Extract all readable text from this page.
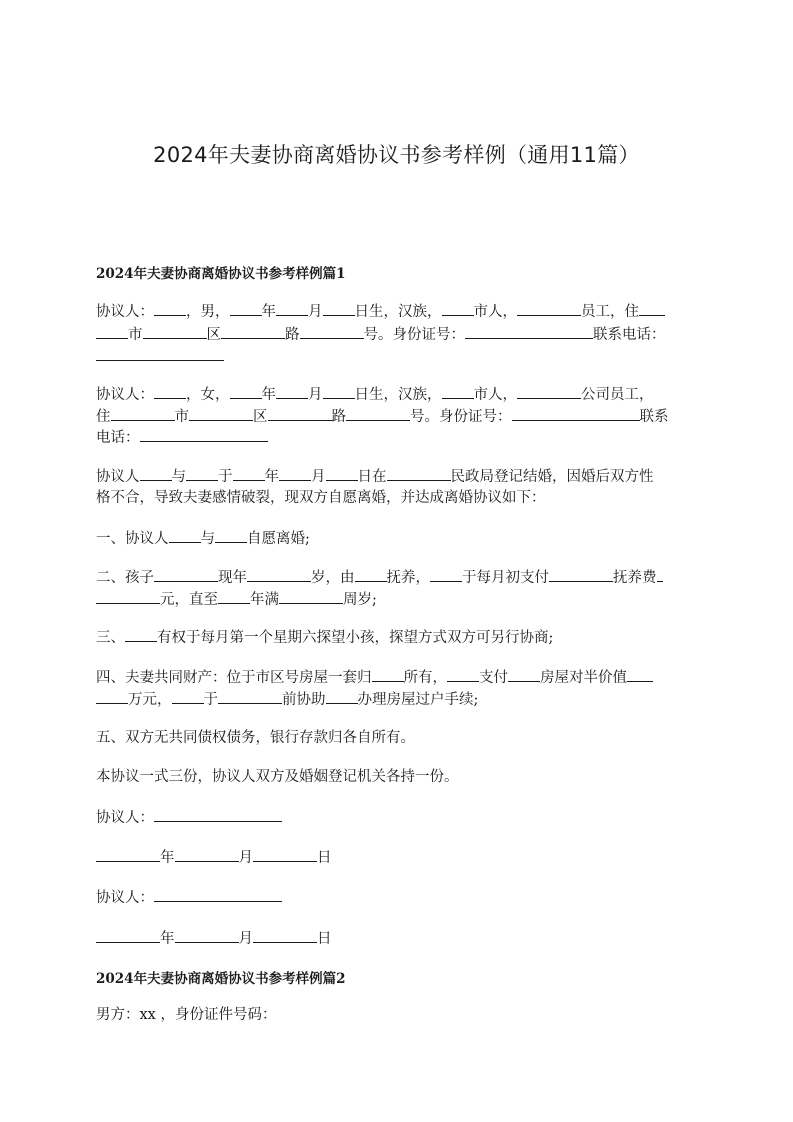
2024年夫妻协商离婚协议书参考样例（通用11篇）
2024年夫妻协商离婚协议书参考样例篇1
协议人： ，男， 年 月 日生，汉族， 市人，	员工，住
市	区	路	号。身份证号：	联系电话：
协议人： ，女， 年 月 日生，汉族， 市人，	公司员工，
住	市	区	路	号。身份证号：	联系
电话：
协议人 与 于 年 月 日在	民政局登记结婚，因婚后双方性
格不合，导致夫妻感情破裂，现双方自愿离婚，并达成离婚协议如下：
一、协议人 与 自愿离婚;
二、孩子	现年	岁，由 抚养， 于每月初支付	抚养费
元，直至 年满	周岁;
三、 有权于每月第一个星期六探望小孩，探望方式双方可另行协商;
四、夫妻共同财产：位于市区号房屋一套归 所有， 支付 房屋对半价值
万元， 于	前协助 办理房屋过户手续;
五、双方无共同债权债务，银行存款归各自所有。
本协议一式三份，协议人双方及婚姻登记机关各持一份。
协议人：
年	月	日
协议人：
年	月	日
2024年夫妻协商离婚协议书参考样例篇2
男方：xx ，身份证件号码：
